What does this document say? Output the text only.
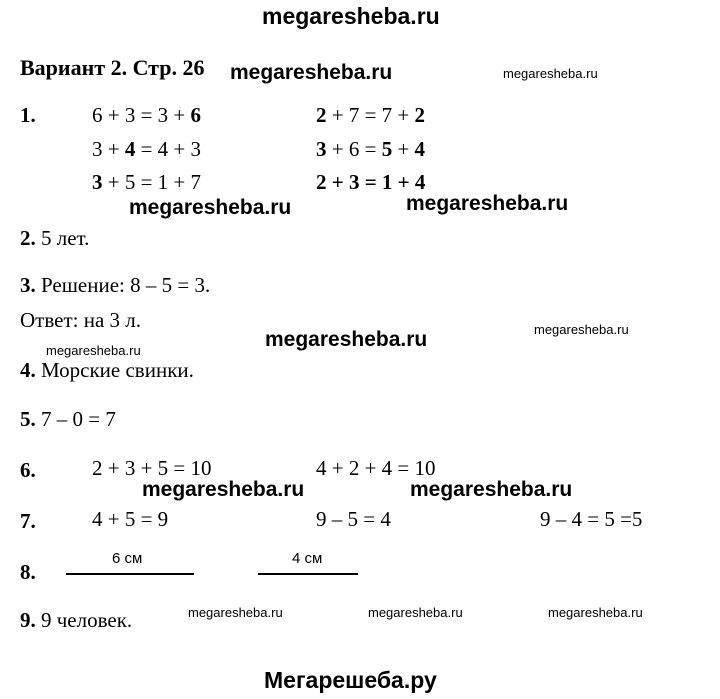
megaresheba.ru
Вариант 2. Стр. 26 megaresheba.ru	megaresheba.ru
megaresheba.ru	megaresheba.ru
megaresheba.ru	megaresheba.ru
megaresheba.ru
megaresheba.ru	megaresheba.ru
megaresheba.ru	megaresheba.ru	megaresheba.ru
1.	6 + 3 = 3 + 6	2 + 7 = 7 + 2
3 + 4 = 4 + 3	3 + 6 = 5 + 4
3 + 5 = 1 + 7	2 + 3 = 1 + 4
2. 5 лет.
3. Решение: 8 – 5 = 3.
Ответ: на 3 л.
4. Морские свинки.
5. 7 – 0 = 7
6.	2 + 3 + 5 = 10	4 + 2 + 4 = 10
7.	4 + 5 = 9	9 – 5 = 4	9 – 4 = 5 =5
8.
6 см	4 см
9. 9 человек.
Мегарешеба.ру
